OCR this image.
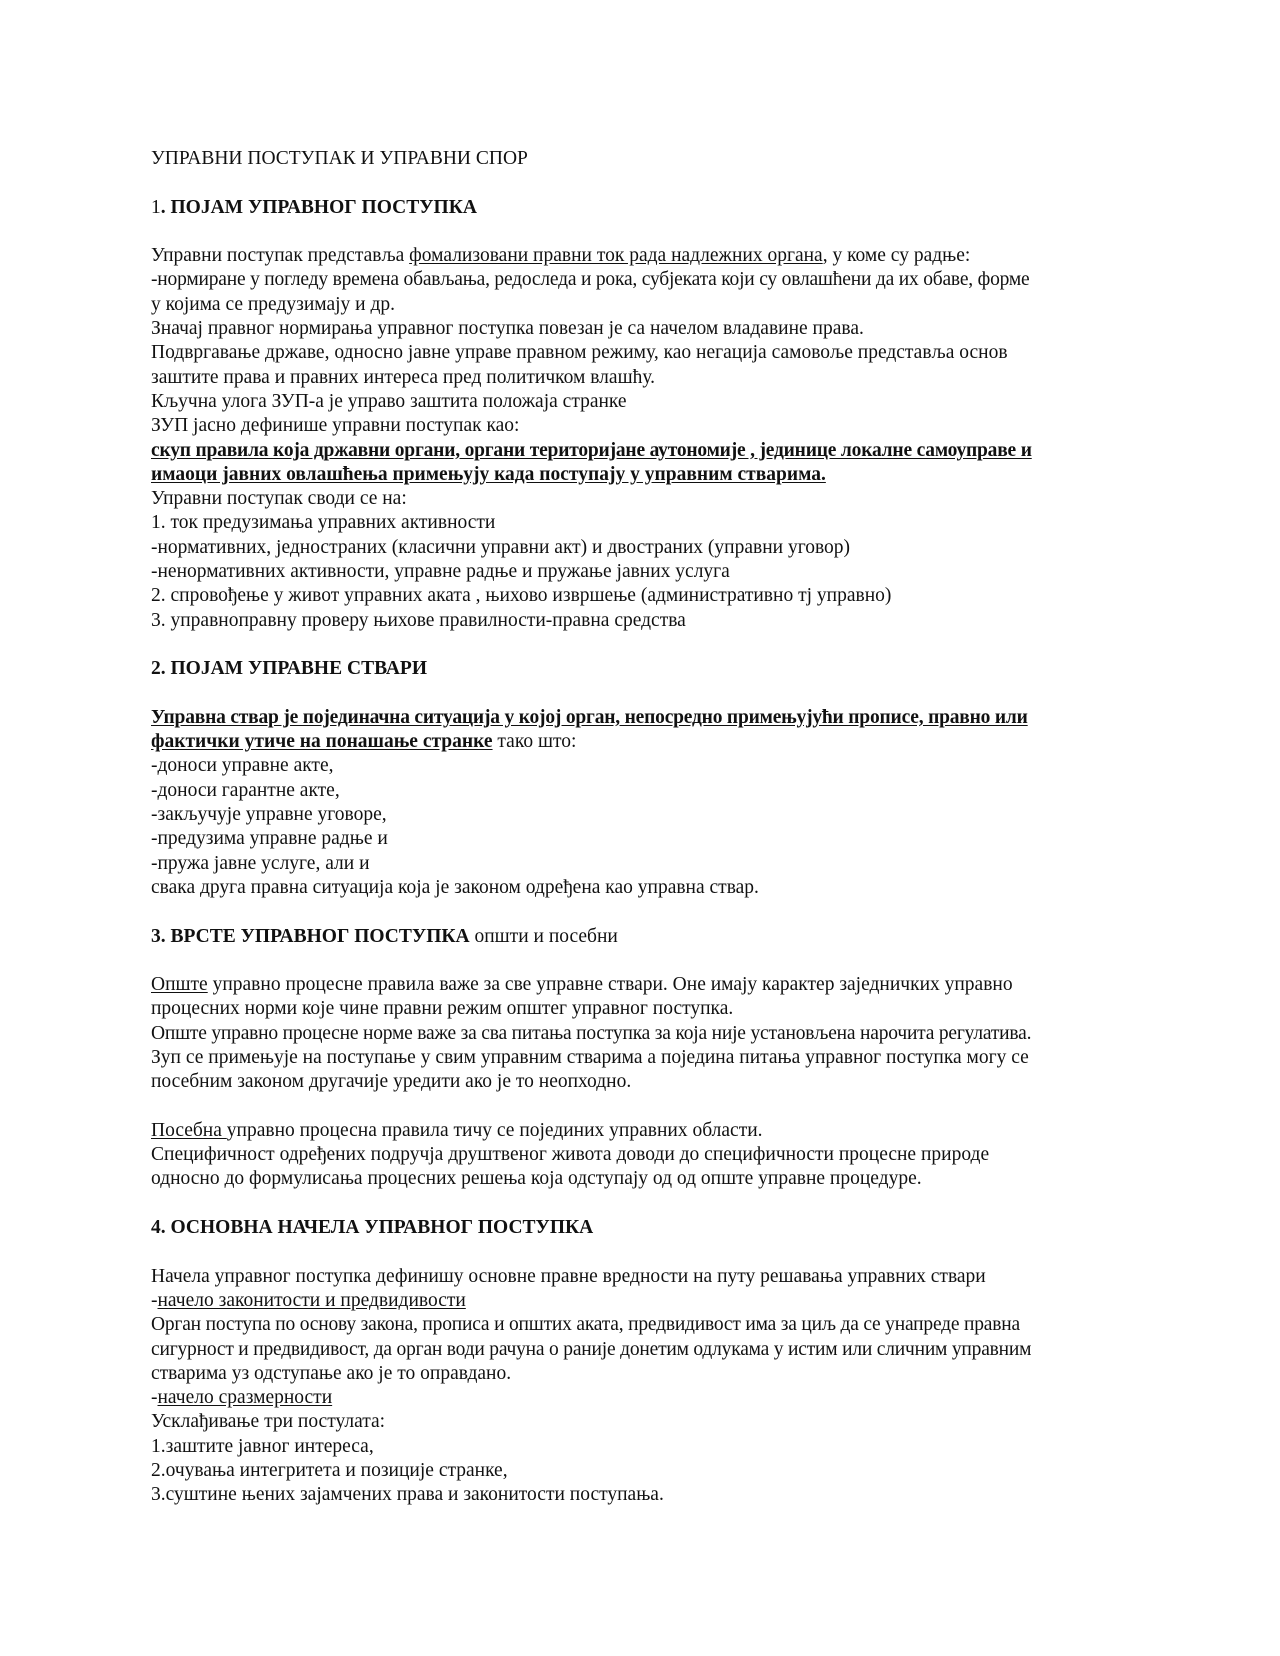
УПРАВНИ ПОСТУПАК И УПРАВНИ СПОР
1. ПОЈАМ УПРАВНОГ ПОСТУПКА
Управни поступак представља фомализовани правни ток рада надлежних органа, у коме су радње:
-нормиране у погледу времена обављања, редоследа и рока, субјеката који су овлашћени да их обаве, форме
у којима се предузимају и др.
Значај правног нормирања управног поступка повезан је са начелом владавине права.
Подвргавање државе, односно јавне управе правном режиму, као негација самовоље представља основ
заштите права и правних интереса пред политичком влашћу.
Кључна улога ЗУП-а је управо заштита положаја странке
ЗУП јасно дефинише управни поступак као:
скуп правила која државни органи, органи територијане аутономије , јединице локалне самоуправе и
имаоци јавних овлашћења примењују када поступају у управним стварима.
Управни поступак своди се на:
1. ток предузимања управних активности
-нормативних, једностраних (класични управни акт) и двостраних (управни уговор)
-ненормативних активности, управне радње и пружање јавних услуга
2. спровођење у живот управних аката , њихово извршење (административно тј управно)
3. управноправну проверу њихове правилности-правна средства
2. ПОЈАМ УПРАВНЕ СТВАРИ
Управна ствар је појединачна ситуација у којој орган, непосредно примењујући прописе, правно или
фактички утиче на понашање странке тако што:
-доноси управне акте,
-доноси гарантне акте,
-закључује управне уговоре,
-предузима управне радње и
-пружа јавне услуге, али и
свака друга правна ситуација која је законом одређена као управна ствар.
3. ВРСТЕ УПРАВНОГ ПОСТУПКА општи и посебни
Опште управно процесне правила важе за све управне ствари. Оне имају карактер заједничких управно
процесних норми које чине правни режим општег управног поступка.
Опште управно процесне норме важе за сва питања поступка за која није установљена нарочита регулатива.
Зуп се примењује на поступање у свим управним стварима а поједина питања управног поступка могу се
посебним законом другачије уредити ако је то неопходно.
Посебна управно процесна правила тичу се појединих управних области.
Специфичност одређених подручја друштвеног живота доводи до специфичности процесне природе
односно до формулисања процесних решења која одступају од од опште управне процедуре.
4. ОСНОВНА НАЧЕЛА УПРАВНОГ ПОСТУПКА
Начела управног поступка дефинишу основне правне вредности на путу решавања управних ствари
-начело законитости и предвидивости
Орган поступа по основу закона, прописа и општих аката, предвидивост има за циљ да се унапреде правна
сигурност и предвидивост, да орган води рачуна о раније донетим одлукама у истим или сличним управним
стварима уз одступање ако је то оправдано.
-начело сразмерности
Усклађивање три постулата:
1.заштите јавног интереса,
2.очувања интегритета и позиције странке,
3.суштине њених зајамчених права и законитости поступања.
